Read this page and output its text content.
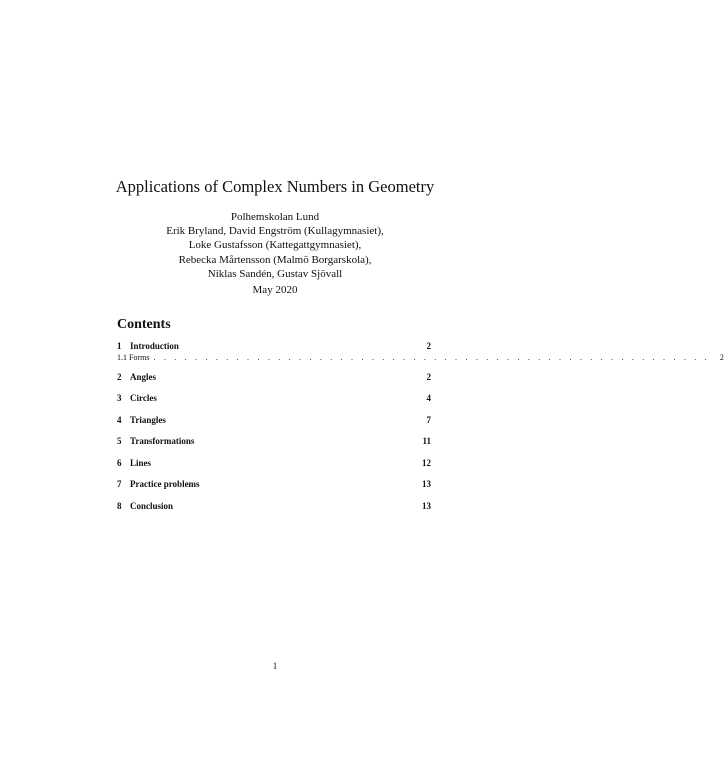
Applications of Complex Numbers in Geometry
Polhemskolan Lund
Erik Bryland, David Engström (Kullagymnasiet),
Loke Gustafsson (Kattegattgymnasiet),
Rebecka Mårtensson (Malmö Borgarskola),
Niklas Sandén, Gustav Sjövall
May 2020
Contents
1 Introduction	2
1.1 Forms . . . . . . . . . . . . . . . . . . . . . . . . . . . . . . . . . . . . . . . . . . . . . . . . . . . . . .	2
2 Angles	2
3 Circles	4
4 Triangles	7
5 Transformations	11
6 Lines	12
7 Practice problems	13
8 Conclusion	13
1
